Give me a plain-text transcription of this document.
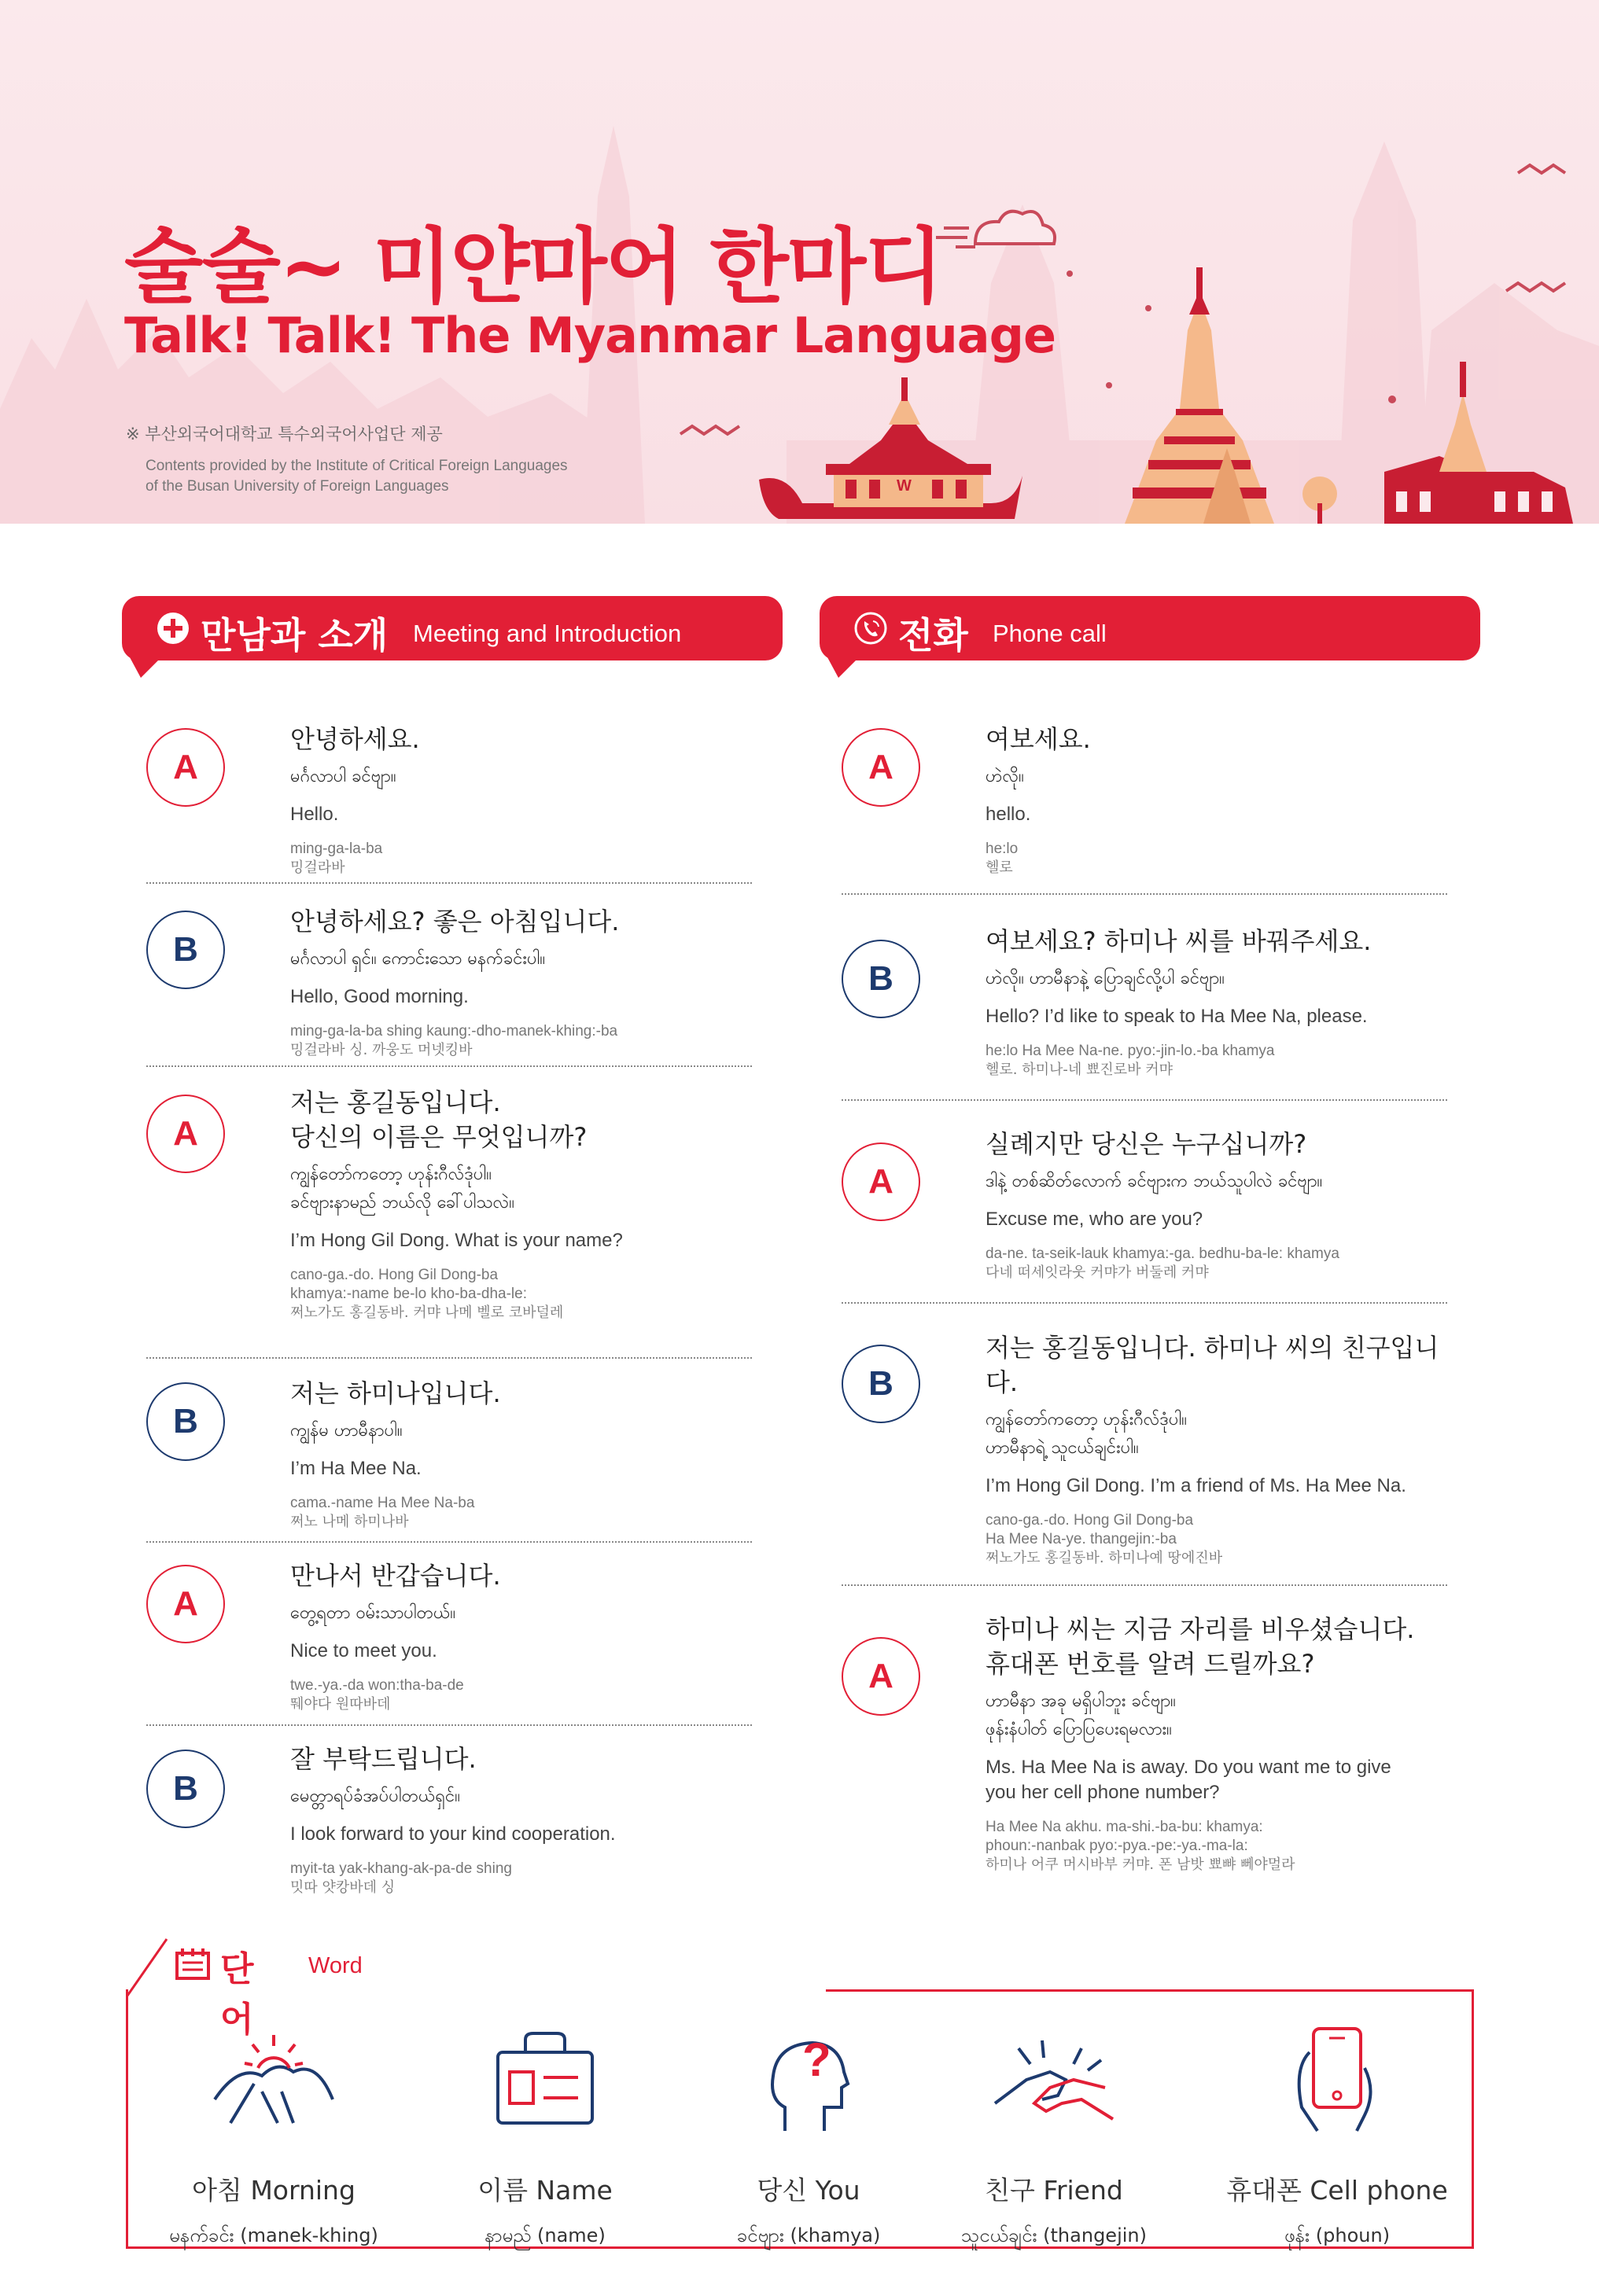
W
술술~ 미얀마어 한마디
Talk! Talk! The Myanmar Language
※ 부산외국어대학교 특수외국어사업단 제공
Contents provided by the Institute of Critical Foreign Languages
of the Busan University of Foreign Languages
만남과 소개 Meeting and Introduction	전화 Phone call
A
안녕하세요.
မင်္ဂလာပါ ခင်ဗျာ။
Hello.
ming-ga-la-ba
밍걸라바
B
안녕하세요? 좋은 아침입니다.
မင်္ဂလာပါ ရှင်။ ကောင်းသော မနက်ခင်းပါ။
Hello, Good morning.
ming-ga-la-ba shing kaung:-dho-manek-khing:-ba
밍걸라바 싱. 까웅도 머넷킹바
A
저는 홍길동입니다.
당신의 이름은 무엇입니까?
ကျွန်တော်ကတော့ ဟုန်းဂီလ်ဒုံပါ။
ခင်ဗျားနာမည် ဘယ်လို ခေါ်ပါသလဲ။
I’m Hong Gil Dong. What is your name?
cano-ga.-do. Hong Gil Dong-ba
khamya:-name be-lo kho-ba-dha-le:
쩌노가도 홍길동바. 커먀 나메 벨로 코바덜레
B
저는 하미나입니다.
ကျွန်မ ဟာမီနာပါ။
I’m Ha Mee Na.
cama.-name Ha Mee Na-ba
쩌노 나메 하미나바
A
만나서 반갑습니다.
တွေ့ရတာ ဝမ်းသာပါတယ်။
Nice to meet you.
twe.-ya.-da won:tha-ba-de
뛔야다 원따바데
B
잘 부탁드립니다.
မေတ္တာရပ်ခံအပ်ပါတယ်ရှင်။
I look forward to your kind cooperation.
myit-ta yak-khang-ak-pa-de shing
밋따 얏캉바데 싱
A
여보세요.
ဟဲလို။
hello.
he:lo
헬로
B
여보세요? 하미나 씨를 바꿔주세요.
ဟဲလို။ ဟာမီနာနဲ့ ပြောချင်လို့ပါ ခင်ဗျာ။
Hello? I’d like to speak to Ha Mee Na, please.
he:lo Ha Mee Na-ne. pyo:-jin-lo.-ba khamya
헬로. 하미나-네 뾰진로바 커먀
A
실례지만 당신은 누구십니까?
ဒါနဲ့ တစ်ဆိတ်လောက် ခင်ဗျားက ဘယ်သူပါလဲ ခင်ဗျာ။
Excuse me, who are you?
da-ne. ta-seik-lauk khamya:-ga. bedhu-ba-le: khamya
다네 떠세잇라웃 커먀가 버둘레 커먀
B
저는 홍길동입니다. 하미나 씨의 친구입니다.
ကျွန်တော်ကတော့ ဟုန်းဂီလ်ဒုံပါ။
ဟာမီနာရဲ့ သူငယ်ချင်းပါ။
I’m Hong Gil Dong. I’m a friend of Ms. Ha Mee Na.
cano-ga.-do. Hong Gil Dong-ba
Ha Mee Na-ye. thangejin:-ba
쩌노가도 홍길동바. 하미나예 땅에진바
A
하미나 씨는 지금 자리를 비우셨습니다.
휴대폰 번호를 알려 드릴까요?
ဟာမီနာ အခု မရှိပါဘူး ခင်ဗျာ။
ဖုန်းနံပါတ် ပြောပြပေးရမလား။
Ms. Ha Mee Na is away. Do you want me to give
you her cell phone number?
Ha Mee Na akhu. ma-shi.-ba-bu: khamya:
phoun:-nanbak pyo:-pya.-pe:-ya.-ma-la:
하미나 어쿠 머시바부 커먀. 폰 남밧 뾰뺘 뻬야멀라
단어
Word
아침 Morning
မနက်ခင်း (manek-khing)
이름 Name
နာမည် (name)
?
당신 You
ခင်ဗျား (khamya)
친구 Friend
သူငယ်ချင်း (thangejin)
휴대폰 Cell phone
ဖုန်း (phoun)
